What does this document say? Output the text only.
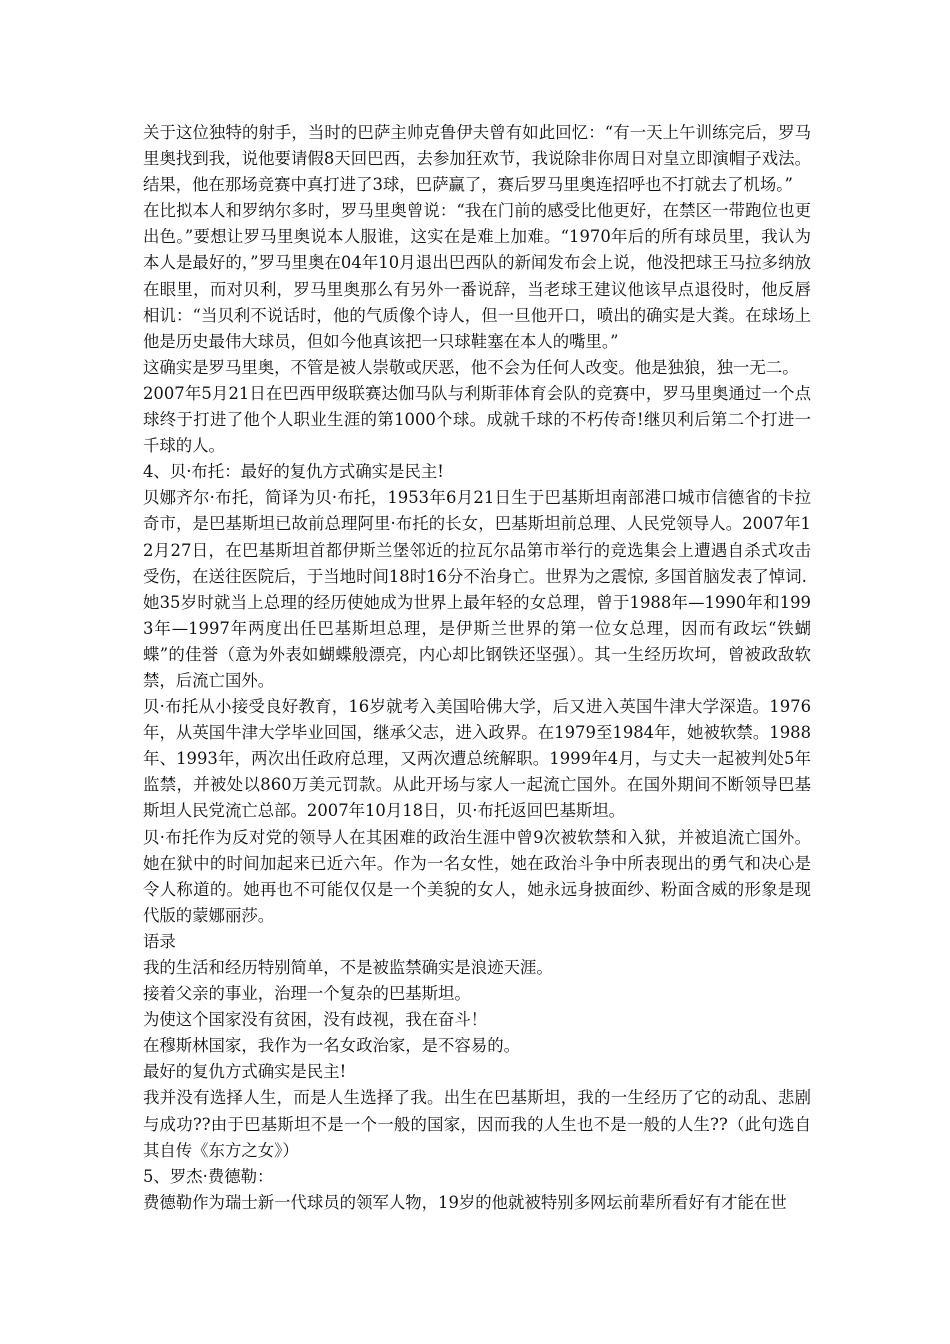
关于这位独特的射手，当时的巴萨主帅克鲁伊夫曾有如此回忆：“有一天上午训练完后，罗马里奥找到我，说他要请假8天回巴西，去参加狂欢节，我说除非你周日对皇立即演帽子戏法。结果，他在那场竞赛中真打进了3球，巴萨赢了，赛后罗马里奥连招呼也不打就去了机场。”

在比拟本人和罗纳尔多时，罗马里奥曾说：“我在门前的感受比他更好，在禁区一带跑位也更出色。”要想让罗马里奥说本人服谁，这实在是难上加难。“1970年后的所有球员里，我认为本人是最好的，”罗马里奥在04年10月退出巴西队的新闻发布会上说，他没把球王马拉多纳放在眼里，而对贝利，罗马里奥那么有另外一番说辞，当老球王建议他该早点退役时，他反唇相讥：“当贝利不说话时，他的气质像个诗人，但一旦他开口，喷出的确实是大粪。在球场上他是历史最伟大球员，但如今他真该把一只球鞋塞在本人的嘴里。”

这确实是罗马里奥，不管是被人崇敬或厌恶，他不会为任何人改变。他是独狼，独一无二。

2007年5月21日在巴西甲级联赛达伽马队与利斯菲体育会队的竞赛中，罗马里奥通过一个点球终于打进了他个人职业生涯的第1000个球。成就千球的不朽传奇!继贝利后第二个打进一千球的人。

4、贝·布托：最好的复仇方式确实是民主!

贝娜齐尔·布托，简译为贝·布托，1953年6月21日生于巴基斯坦南部港口城市信德省的卡拉奇市，是巴基斯坦已故前总理阿里·布托的长女，巴基斯坦前总理、人民党领导人。2007年12月27日，在巴基斯坦首都伊斯兰堡邻近的拉瓦尔品第市举行的竞选集会上遭遇自杀式攻击受伤，在送往医院后，于当地时间18时16分不治身亡。世界为之震惊, 多国首脑发表了悼词.

她35岁时就当上总理的经历使她成为世界上最年轻的女总理，曾于1988年—1990年和1993年—1997年两度出任巴基斯坦总理，是伊斯兰世界的第一位女总理，因而有政坛“铁蝴蝶”的佳誉（意为外表如蝴蝶般漂亮，内心却比钢铁还坚强）。其一生经历坎坷，曾被政敌软禁，后流亡国外。

贝·布托从小接受良好教育，16岁就考入美国哈佛大学，后又进入英国牛津大学深造。1976年，从英国牛津大学毕业回国，继承父志，进入政界。在1979至1984年，她被软禁。1988年、1993年，两次出任政府总理，又两次遭总统解职。1999年4月，与丈夫一起被判处5年监禁，并被处以860万美元罚款。从此开场与家人一起流亡国外。在国外期间不断领导巴基斯坦人民党流亡总部。2007年10月18日，贝·布托返回巴基斯坦。

贝·布托作为反对党的领导人在其困难的政治生涯中曾9次被软禁和入狱，并被追流亡国外。她在狱中的时间加起来已近六年。作为一名女性，她在政治斗争中所表现出的勇气和决心是令人称道的。她再也不可能仅仅是一个美貌的女人，她永远身披面纱、粉面含威的形象是现代版的蒙娜丽莎。

语录

我的生活和经历特别简单，不是被监禁确实是浪迹天涯。

接着父亲的事业，治理一个复杂的巴基斯坦。

为使这个国家没有贫困，没有歧视，我在奋斗！

在穆斯林国家，我作为一名女政治家，是不容易的。

最好的复仇方式确实是民主!

我并没有选择人生，而是人生选择了我。出生在巴基斯坦，我的一生经历了它的动乱、悲剧与成功??由于巴基斯坦不是一个一般的国家，因而我的人生也不是一般的人生??（此句选自其自传《东方之女》）

5、罗杰·费德勒：

费德勒作为瑞士新一代球员的领军人物，19岁的他就被特别多网坛前辈所看好有才能在世
